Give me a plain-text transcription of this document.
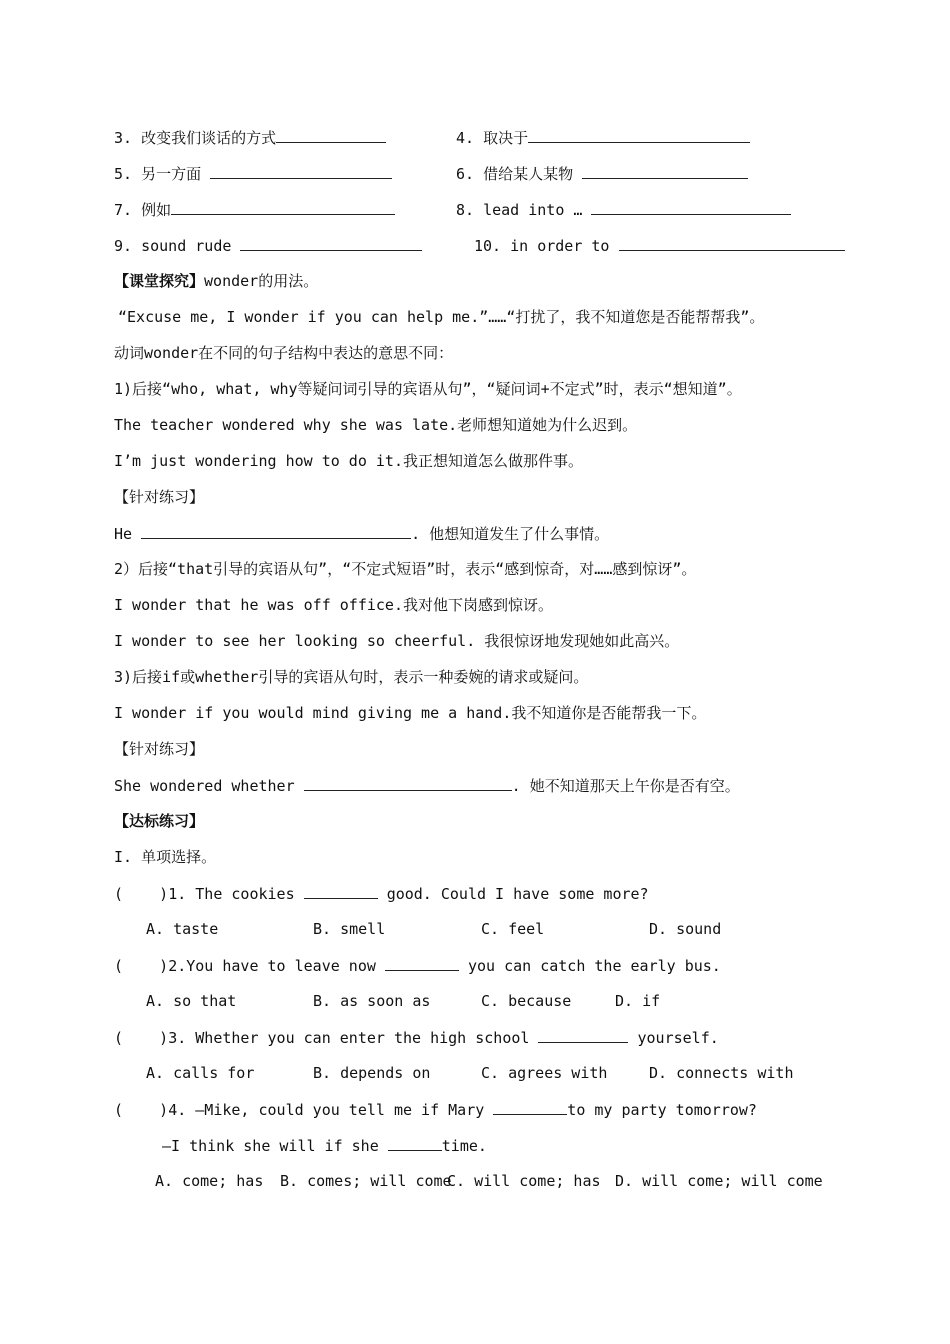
3. 改变我们谈话的方式	4. 取决于
5. 另一方面	6. 借给某人某物
7. 例如	8. lead into …
9. sound rude	10. in order to
【课堂探究】wonder的用法。
“Excuse me, I wonder if you can help me.”……“打扰了，我不知道您是否能帮帮我”。
动词wonder在不同的句子结构中表达的意思不同：
1)后接“who, what, why等疑问词引导的宾语从句”，“疑问词+不定式”时，表示“想知道”。
The teacher wondered why she was late.老师想知道她为什么迟到。
I’m just wondering how to do it.我正想知道怎么做那件事。
【针对练习】
He	. 他想知道发生了什么事情。
2）后接“that引导的宾语从句”，“不定式短语”时，表示“感到惊奇，对……感到惊讶”。
I wonder that he was off office.我对他下岗感到惊讶。
I wonder to see her looking so cheerful. 我很惊讶地发现她如此高兴。
3)后接if或whether引导的宾语从句时，表示一种委婉的请求或疑问。
I wonder if you would mind giving me a hand.我不知道你是否能帮我一下。
【针对练习】
She wondered whether	. 她不知道那天上午你是否有空。
【达标练习】
I. 单项选择。
(    )1. The cookies	good. Could I have some more?
A. taste	B. smell	C. feel	D. sound
(    )2.You have to leave now	you can catch the early bus.
A. so that	B. as soon as	C. because	D. if
(    )3. Whether you can enter the high school	yourself.
A. calls for	B. depends on	C. agrees with	D. connects with
(    )4. —Mike, could you tell me if Mary	to my party tomorrow?
—I think she will if she	time.
A. come; has B. comes; will come
C. will come; has D. will come; will come
